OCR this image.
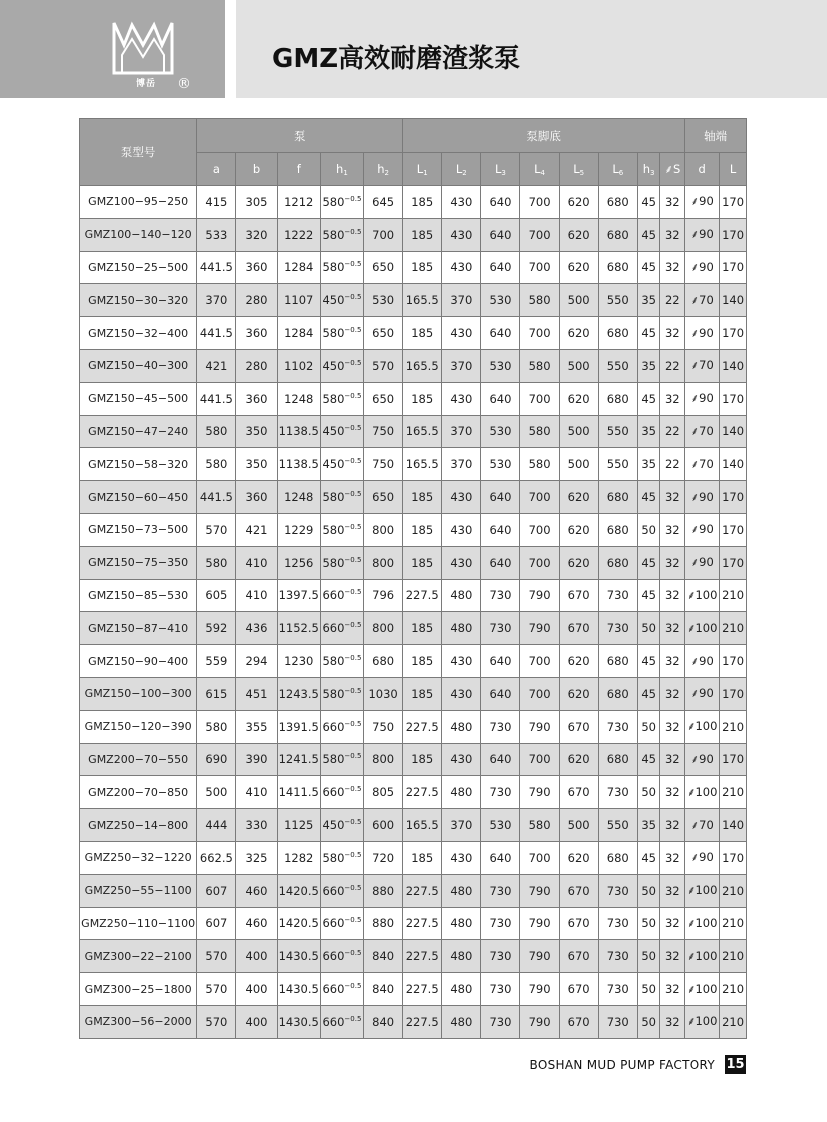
博岳	®
GMZ高效耐磨渣浆泵
泵型号	泵					泵脚底								轴端	
	a	b	f	$h_1$	$h_2$	$L_1$	$L_2$	$L_3$	$L_4$	$L_5$	$L_6$	$h_3$	⸙S	d	L
GMZ100−95−250	415	305	1212	$580^{-0.5}$	645	185	430	640	700	620	680	45	32	⸙90	170
GMZ100−140−120	533	320	1222	$580^{-0.5}$	700	185	430	640	700	620	680	45	32	⸙90	170
GMZ150−25−500	441.5	360	1284	$580^{-0.5}$	650	185	430	640	700	620	680	45	32	⸙90	170
GMZ150−30−320	370	280	1107	$450^{-0.5}$	530	165.5	370	530	580	500	550	35	22	⸙70	140
GMZ150−32−400	441.5	360	1284	$580^{-0.5}$	650	185	430	640	700	620	680	45	32	⸙90	170
GMZ150−40−300	421	280	1102	$450^{-0.5}$	570	165.5	370	530	580	500	550	35	22	⸙70	140
GMZ150−45−500	441.5	360	1248	$580^{-0.5}$	650	185	430	640	700	620	680	45	32	⸙90	170
GMZ150−47−240	580	350	1138.5	$450^{-0.5}$	750	165.5	370	530	580	500	550	35	22	⸙70	140
GMZ150−58−320	580	350	1138.5	$450^{-0.5}$	750	165.5	370	530	580	500	550	35	22	⸙70	140
GMZ150−60−450	441.5	360	1248	$580^{-0.5}$	650	185	430	640	700	620	680	45	32	⸙90	170
GMZ150−73−500	570	421	1229	$580^{-0.5}$	800	185	430	640	700	620	680	50	32	⸙90	170
GMZ150−75−350	580	410	1256	$580^{-0.5}$	800	185	430	640	700	620	680	45	32	⸙90	170
GMZ150−85−530	605	410	1397.5	$660^{-0.5}$	796	227.5	480	730	790	670	730	45	32	⸙100	210
GMZ150−87−410	592	436	1152.5	$660^{-0.5}$	800	185	480	730	790	670	730	50	32	⸙100	210
GMZ150−90−400	559	294	1230	$580^{-0.5}$	680	185	430	640	700	620	680	45	32	⸙90	170
GMZ150−100−300	615	451	1243.5	$580^{-0.5}$	1030	185	430	640	700	620	680	45	32	⸙90	170
GMZ150−120−390	580	355	1391.5	$660^{-0.5}$	750	227.5	480	730	790	670	730	50	32	⸙100	210
GMZ200−70−550	690	390	1241.5	$580^{-0.5}$	800	185	430	640	700	620	680	45	32	⸙90	170
GMZ200−70−850	500	410	1411.5	$660^{-0.5}$	805	227.5	480	730	790	670	730	50	32	⸙100	210
GMZ250−14−800	444	330	1125	$450^{-0.5}$	600	165.5	370	530	580	500	550	35	32	⸙70	140
GMZ250−32−1220	662.5	325	1282	$580^{-0.5}$	720	185	430	640	700	620	680	45	32	⸙90	170
GMZ250−55−1100	607	460	1420.5	$660^{-0.5}$	880	227.5	480	730	790	670	730	50	32	⸙100	210
GMZ250−110−1100	607	460	1420.5	$660^{-0.5}$	880	227.5	480	730	790	670	730	50	32	⸙100	210
GMZ300−22−2100	570	400	1430.5	$660^{-0.5}$	840	227.5	480	730	790	670	730	50	32	⸙100	210
GMZ300−25−1800	570	400	1430.5	$660^{-0.5}$	840	227.5	480	730	790	670	730	50	32	⸙100	210
GMZ300−56−2000	570	400	1430.5	$660^{-0.5}$	840	227.5	480	730	790	670	730	50	32	⸙100	210
BOSHAN MUD PUMP FACTORY 15
